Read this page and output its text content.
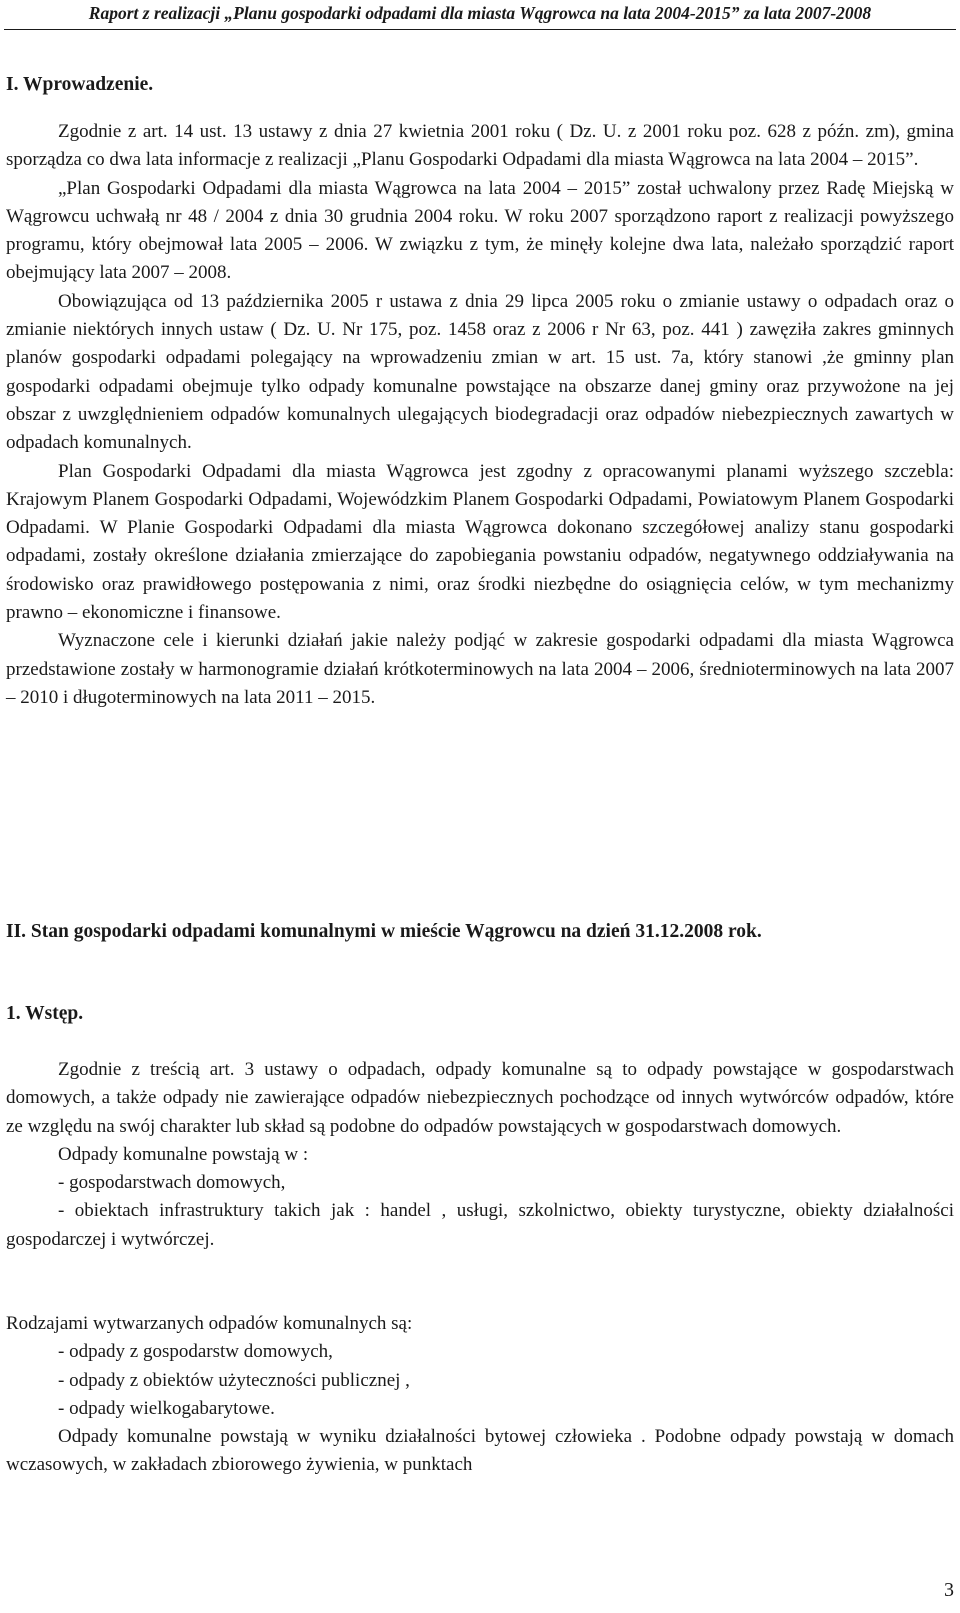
Raport z realizacji „Planu gospodarki odpadami dla miasta Wągrowca na lata 2004-2015” za lata 2007-2008
I. Wprowadzenie.

Zgodnie z art. 14 ust. 13 ustawy z dnia 27 kwietnia 2001 roku ( Dz. U. z 2001 roku poz. 628 z późn. zm), gmina sporządza co dwa lata informacje z realizacji „Planu Gospodarki Odpadami dla miasta Wągrowca na lata 2004 – 2015”.

„Plan Gospodarki Odpadami dla miasta Wągrowca na lata 2004 – 2015” został uchwalony przez Radę Miejską w Wągrowcu uchwałą nr 48 / 2004 z dnia 30 grudnia 2004 roku. W roku 2007 sporządzono raport z realizacji powyższego programu, który obejmował lata 2005 – 2006. W związku z tym, że minęły kolejne dwa lata, należało sporządzić raport obejmujący lata 2007 – 2008.

Obowiązująca od 13 października 2005 r ustawa z dnia 29 lipca 2005 roku o zmianie ustawy o odpadach oraz o zmianie niektórych innych ustaw ( Dz. U. Nr 175, poz. 1458 oraz z 2006 r Nr 63, poz. 441 ) zawęziła zakres gminnych planów gospodarki odpadami polegający na wprowadzeniu zmian w art. 15 ust. 7a, który stanowi ,że gminny plan gospodarki odpadami obejmuje tylko odpady komunalne powstające na obszarze danej gminy oraz przywożone na jej obszar z uwzględnieniem odpadów komunalnych ulegających biodegradacji oraz odpadów niebezpiecznych zawartych w odpadach komunalnych.

Plan Gospodarki Odpadami dla miasta Wągrowca jest zgodny z opracowanymi planami wyższego szczebla: Krajowym Planem Gospodarki Odpadami, Wojewódzkim Planem Gospodarki Odpadami, Powiatowym Planem Gospodarki Odpadami. W Planie Gospodarki Odpadami dla miasta Wągrowca dokonano szczegółowej analizy stanu gospodarki odpadami, zostały określone działania zmierzające do zapobiegania powstaniu odpadów, negatywnego oddziaływania na środowisko oraz prawidłowego postępowania z nimi, oraz środki niezbędne do osiągnięcia celów, w tym mechanizmy prawno – ekonomiczne i finansowe.

Wyznaczone cele i kierunki działań jakie należy podjąć w zakresie gospodarki odpadami dla miasta Wągrowca przedstawione zostały w harmonogramie działań krótkoterminowych na lata 2004 – 2006, średnioterminowych na lata 2007 – 2010 i długoterminowych na lata 2011 – 2015.

II. Stan gospodarki odpadami komunalnymi w mieście Wągrowcu na dzień 31.12.2008 rok.
1. Wstęp.

Zgodnie z treścią art. 3 ustawy o odpadach, odpady komunalne są to odpady powstające w gospodarstwach domowych, a także odpady nie zawierające odpadów niebezpiecznych pochodzące od innych wytwórców odpadów, które ze względu na swój charakter lub skład są podobne do odpadów powstających w gospodarstwach domowych.

Odpady komunalne powstają w :

- gospodarstwach domowych,

- obiektach infrastruktury takich jak : handel , usługi, szkolnictwo, obiekty turystyczne, obiekty działalności gospodarczej i wytwórczej.

Rodzajami wytwarzanych odpadów komunalnych są:

- odpady z gospodarstw domowych,

- odpady z obiektów użyteczności publicznej ,

- odpady wielkogabarytowe.

Odpady komunalne powstają w wyniku działalności bytowej człowieka . Podobne odpady powstają w domach wczasowych, w zakładach zbiorowego żywienia, w punktach

3
